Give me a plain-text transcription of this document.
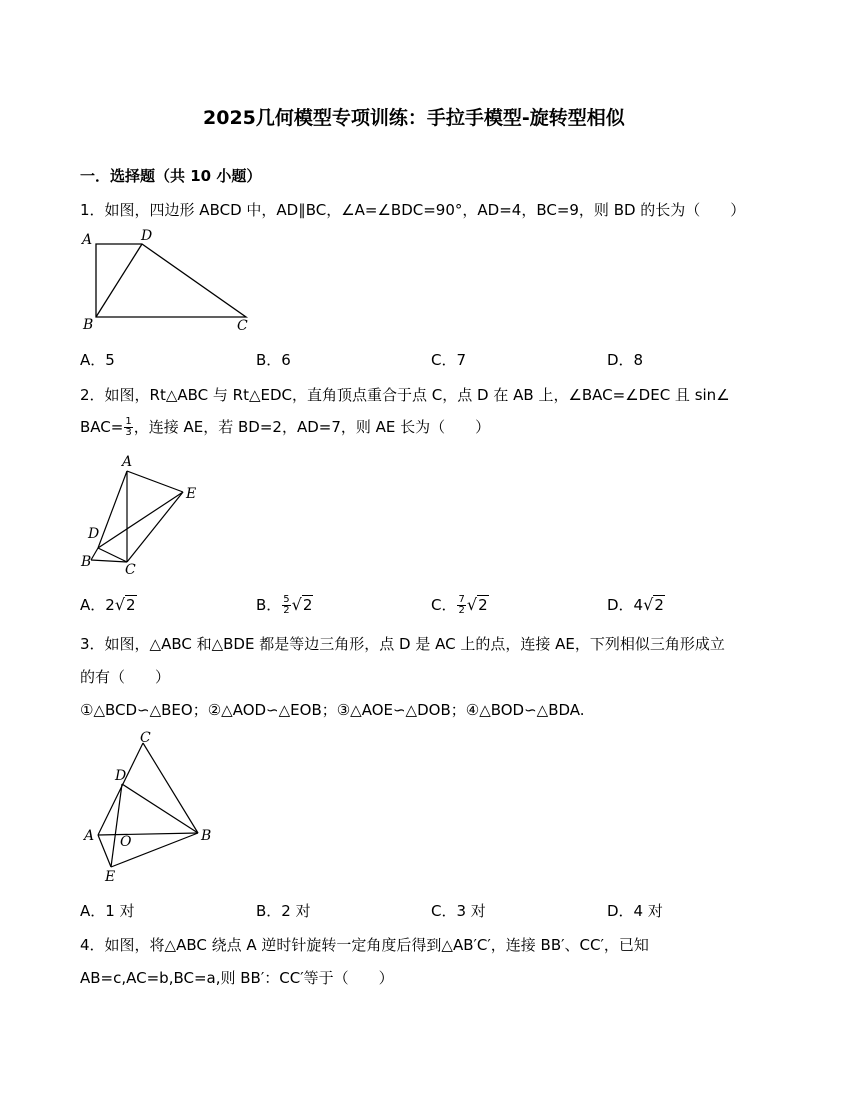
2025几何模型专项训练：手拉手模型-旋转型相似
一．选择题（共 10 小题）
1．如图，四边形 ABCD 中，AD∥BC，∠A=∠BDC=90°，AD=4，BC=9，则 BD 的长为（　　）
A	D
B	C
A．5	B．6	C．7	D．8
2．如图，Rt△ABC 与 Rt△EDC，直角顶点重合于点 C，点 D 在 AB 上，∠BAC=∠DEC 且 sin∠
$BAC= \frac{1}{3}$ ，连接 AE，若 BD=2，AD=7，则 AE 长为（　　）
A
E
D
B C
A．2√2	B． $\frac{5}{2} √2$	C． $\frac{7}{2} √2$	D．4√2
3．如图，△ABC 和△BDE 都是等边三角形，点 D 是 AC 上的点，连接 AE，下列相似三角形成立
的有（　　）
①△BCD∽△BEO；②△AOD∽△EOB；③△AOE∽△DOB；④△BOD∽△BDA.
C
D
A O	B
E
A．1 对	B．2 对	C．3 对	D．4 对
4．如图，将△ABC 绕点 A 逆时针旋转一定角度后得到△AB′C′，连接 BB′、CC′，已知
AB=c,AC=b,BC=a,则 BB′：CC′等于（　　）
